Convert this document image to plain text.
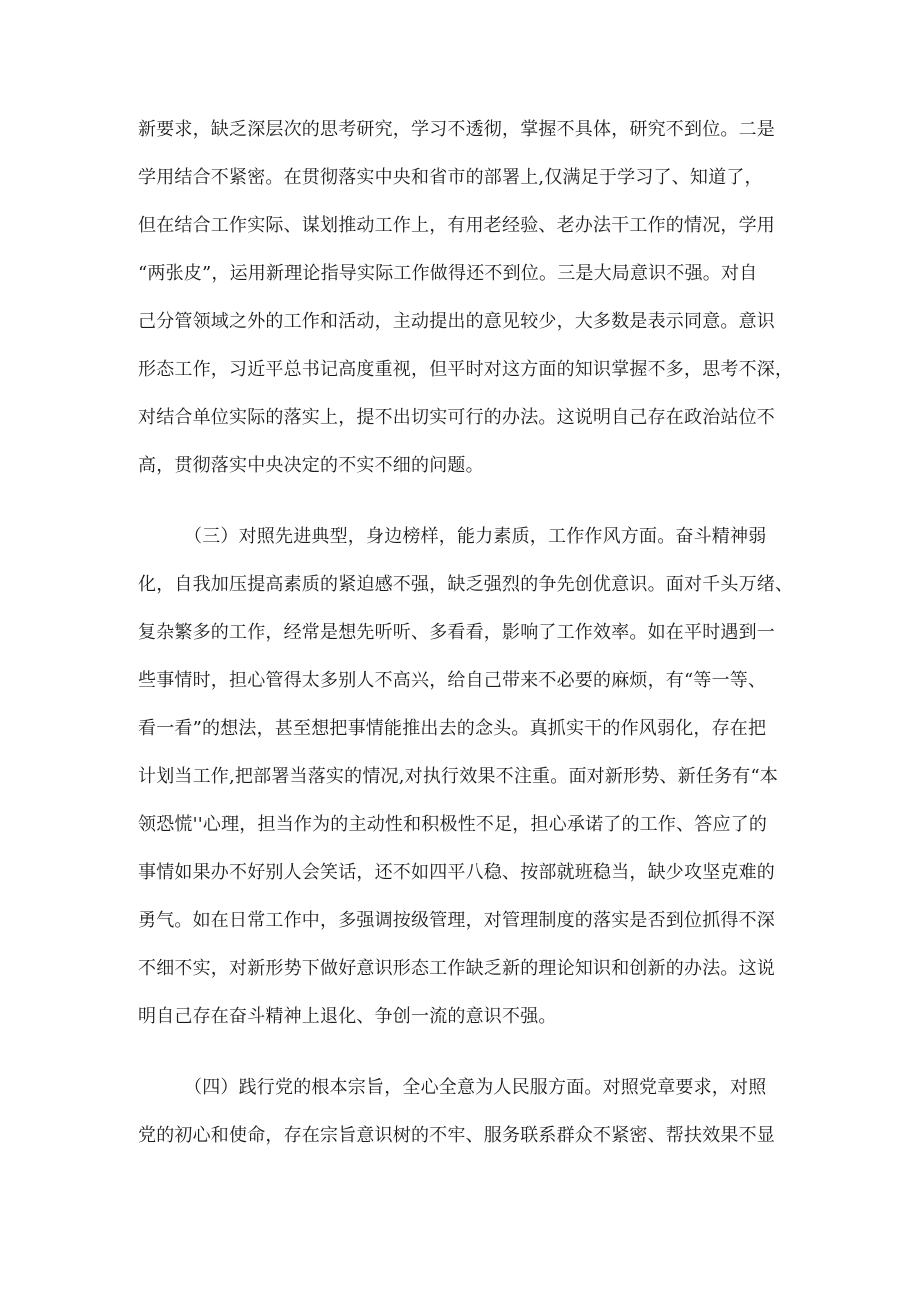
新要求，缺乏深层次的思考研究，学习不透彻，掌握不具体，研究不到位。二是
学用结合不紧密。在贯彻落实中央和省市的部署上,仅满足于学习了、知道了，
但在结合工作实际、谋划推动工作上，有用老经验、老办法干工作的情况，学用
“两张皮”，运用新理论指导实际工作做得还不到位。三是大局意识不强。对自
己分管领域之外的工作和活动，主动提出的意见较少，大多数是表示同意。意识
形态工作，习近平总书记高度重视，但平时对这方面的知识掌握不多，思考不深，
对结合单位实际的落实上，提不出切实可行的办法。这说明自己存在政治站位不
高，贯彻落实中央决定的不实不细的问题。
（三）对照先进典型，身边榜样，能力素质，工作作风方面。奋斗精神弱
化，自我加压提高素质的紧迫感不强，缺乏强烈的争先创优意识。面对千头万绪、
复杂繁多的工作，经常是想先听听、多看看，影响了工作效率。如在平时遇到一
些事情时，担心管得太多别人不高兴，给自己带来不必要的麻烦，有“等一等、
看一看”的想法，甚至想把事情能推出去的念头。真抓实干的作风弱化，存在把
计划当工作,把部署当落实的情况,对执行效果不注重。面对新形势、新任务有“本
领恐慌''心理，担当作为的主动性和积极性不足，担心承诺了的工作、答应了的
事情如果办不好别人会笑话，还不如四平八稳、按部就班稳当，缺少攻坚克难的
勇气。如在日常工作中，多强调按级管理，对管理制度的落实是否到位抓得不深
不细不实，对新形势下做好意识形态工作缺乏新的理论知识和创新的办法。这说
明自己存在奋斗精神上退化、争创一流的意识不强。
（四）践行党的根本宗旨，全心全意为人民服方面。对照党章要求，对照
党的初心和使命，存在宗旨意识树的不牢、服务联系群众不紧密、帮扶效果不显
